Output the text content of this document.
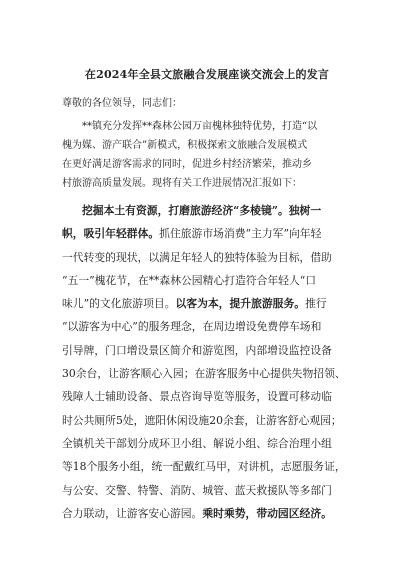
在2024年全县文旅融合发展座谈交流会上的发言
尊敬的各位领导，同志们：
**镇充分发挥**森林公园万亩槐林独特优势，打造“以
槐为媒、游产联合”新模式，积极探索文旅融合发展模式
在更好满足游客需求的同时，促进乡村经济繁荣，推动乡
村旅游高质量发展。现将有关工作进展情况汇报如下：
挖掘本土有资源，打磨旅游经济“多棱镜”。独树一
帜，吸引年轻群体。抓住旅游市场消费“主力军”向年轻
一代转变的现状，以满足年轻人的独特体验为目标，借助
“五一”槐花节，在**森林公园精心打造符合年轻人“口
味儿”的文化旅游项目。以客为本，提升旅游服务。推行
“以游客为中心”的服务理念，在周边增设免费停车场和
引导牌，门口增设景区简介和游览图，内部增设监控设备
30余台，让游客顺心入园；在游客服务中心提供失物招领、
残障人士辅助设备、景点咨询导览等服务，设置可移动临
时公共厕所5处，遮阳休闲设施20余套，让游客舒心观园；
全镇机关干部划分成环卫小组、解说小组、综合治理小组
等18个服务小组，统一配戴红马甲，对讲机，志愿服务证，
与公安、交警、特警、消防、城管、蓝天救援队等多部门
合力联动，让游客安心游园。乘时乘势，带动园区经济。
